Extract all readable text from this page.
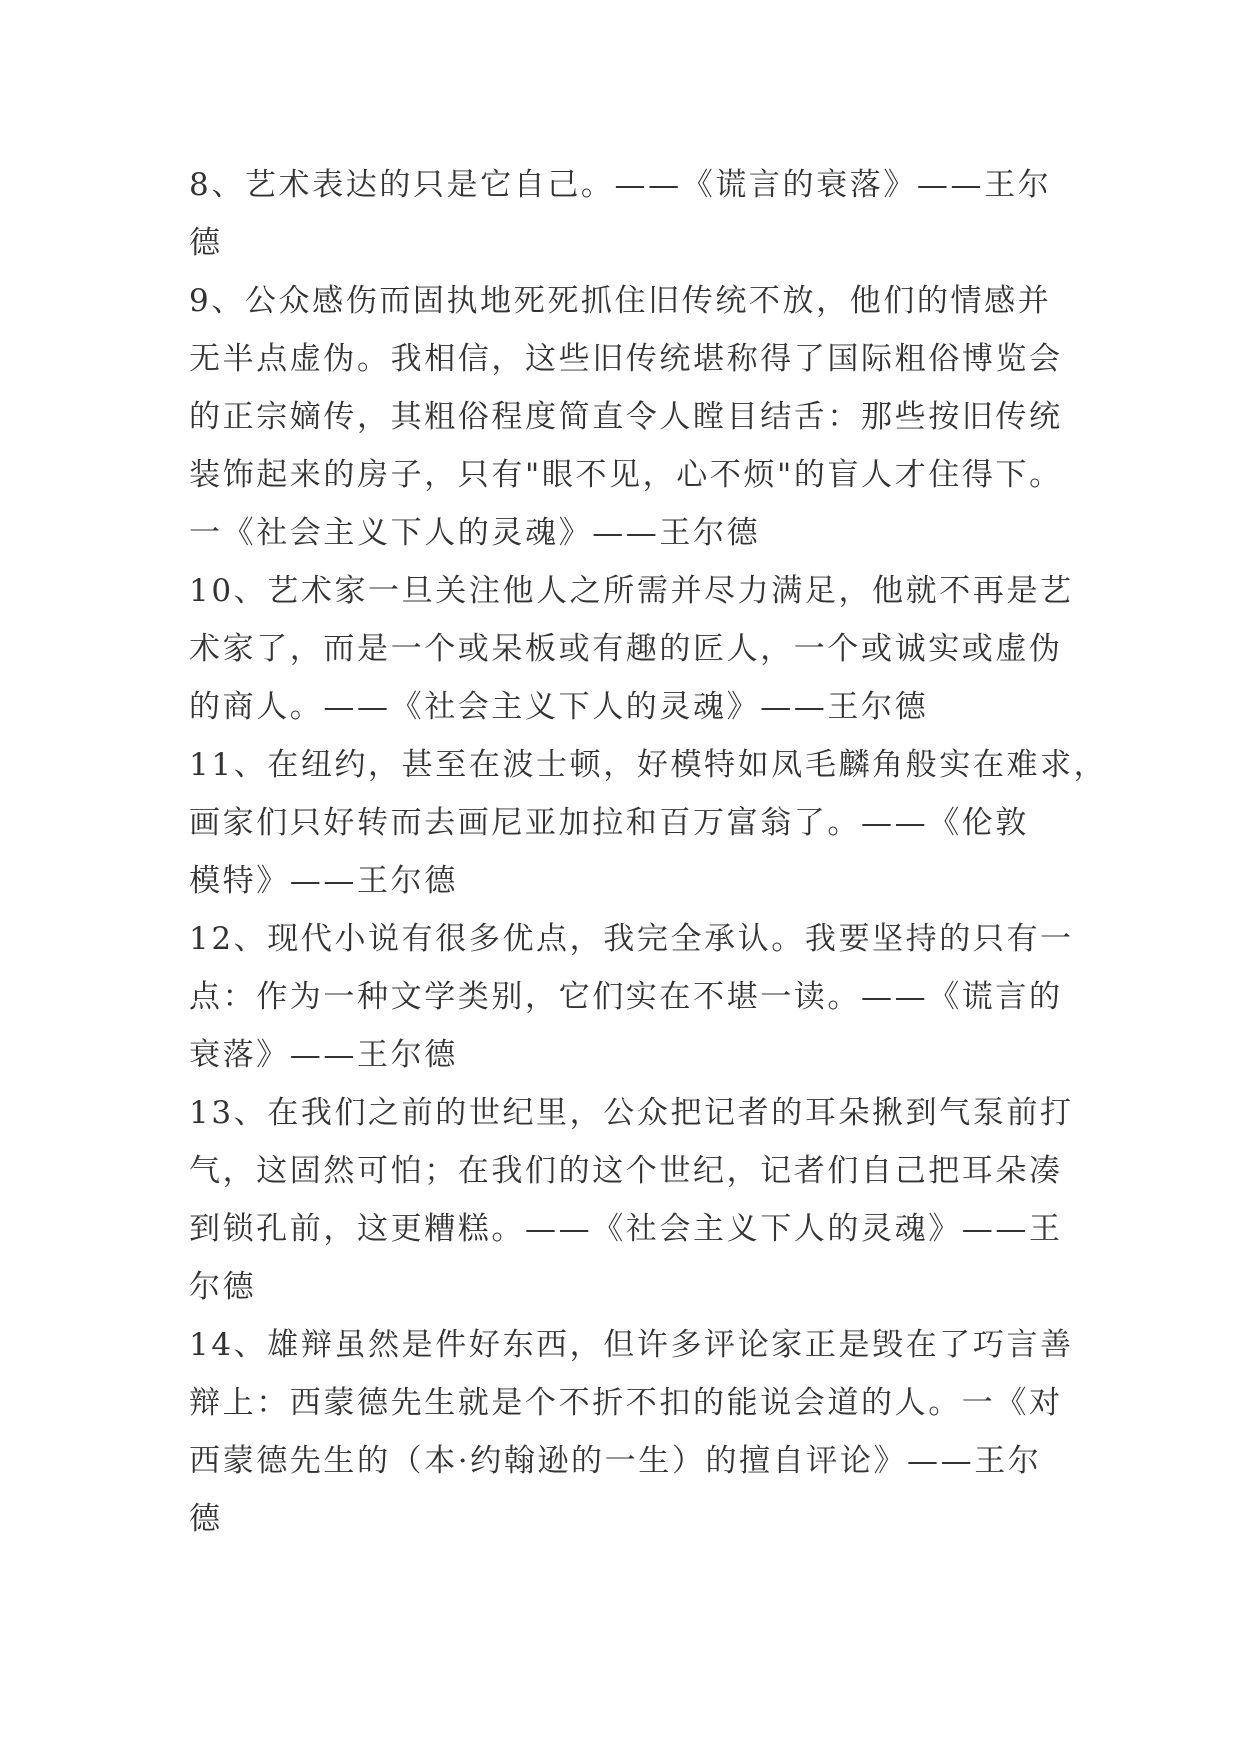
8、艺术表达的只是它自己。——《谎言的衰落》——王尔
德
9、公众感伤而固执地死死抓住旧传统不放，他们的情感并
无半点虚伪。我相信，这些旧传统堪称得了国际粗俗博览会
的正宗嫡传，其粗俗程度简直令人瞠目结舌：那些按旧传统
装饰起来的房子，只有"眼不见，心不烦"的盲人才住得下。
一《社会主义下人的灵魂》——王尔德
10、艺术家一旦关注他人之所需并尽力满足，他就不再是艺
术家了，而是一个或呆板或有趣的匠人，一个或诚实或虚伪
的商人。——《社会主义下人的灵魂》——王尔德
11、在纽约，甚至在波士顿，好模特如凤毛麟角般实在难求，
画家们只好转而去画尼亚加拉和百万富翁了。——《伦敦
模特》——王尔德
12、现代小说有很多优点，我完全承认。我要坚持的只有一
点：作为一种文学类别，它们实在不堪一读。——《谎言的
衰落》——王尔德
13、在我们之前的世纪里，公众把记者的耳朵揪到气泵前打
气，这固然可怕；在我们的这个世纪，记者们自己把耳朵凑
到锁孔前，这更糟糕。——《社会主义下人的灵魂》——王
尔德
14、雄辩虽然是件好东西，但许多评论家正是毁在了巧言善
辩上：西蒙德先生就是个不折不扣的能说会道的人。一《对
西蒙德先生的（本·约翰逊的一生）的擅自评论》——王尔
德
